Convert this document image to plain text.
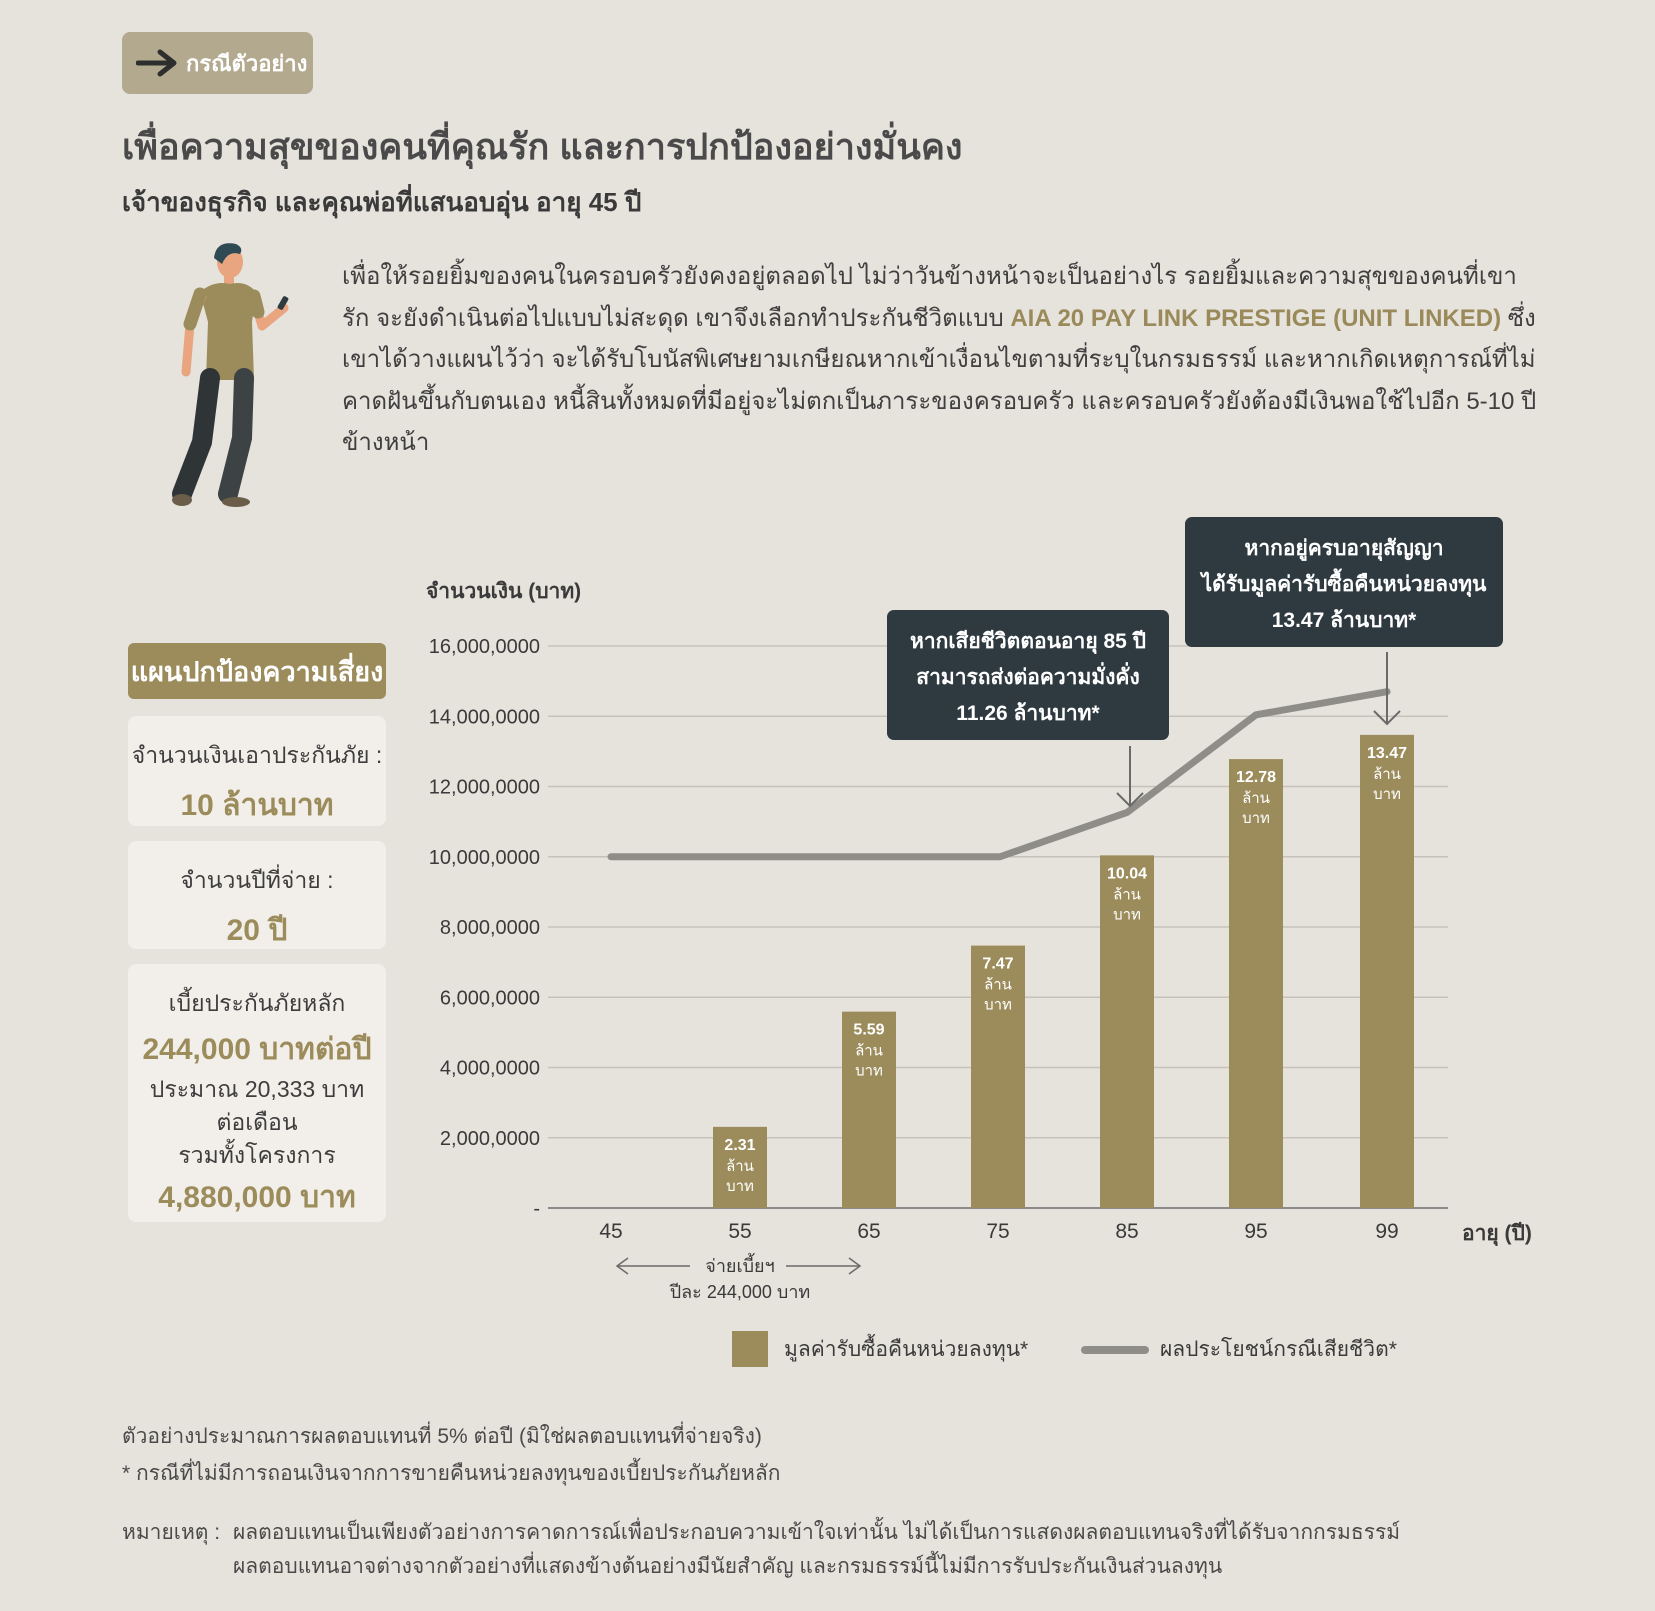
กรณีตัวอย่าง
เพื่อความสุขของคนที่คุณรัก และการปกป้องอย่างมั่นคง
เจ้าของธุรกิจ และคุณพ่อที่แสนอบอุ่น อายุ 45 ปี
เพื่อให้รอยยิ้มของคนในครอบครัวยังคงอยู่ตลอดไป ไม่ว่าวันข้างหน้าจะเป็นอย่างไร รอยยิ้มและความสุขของคนที่เขารัก จะยังดำเนินต่อไปแบบไม่สะดุด เขาจึงเลือกทำประกันชีวิตแบบ AIA 20 PAY LINK PRESTIGE (UNIT LINKED) ซึ่งเขาได้วางแผนไว้ว่า จะได้รับโบนัสพิเศษยามเกษียณหากเข้าเงื่อนไขตามที่ระบุในกรมธรรม์ และหากเกิดเหตุการณ์ที่ไม่คาดฝันขึ้นกับตนเอง หนี้สินทั้งหมดที่มีอยู่จะไม่ตกเป็นภาระของครอบครัว และครอบครัวยังต้องมีเงินพอใช้ไปอีก 5-10 ปีข้างหน้า
แผนปกป้องความเสี่ยง
จำนวนเงินเอาประกันภัย :
10 ล้านบาท
จำนวนปีที่จ่าย :
20 ปี
เบี้ยประกันภัยหลัก
244,000 บาทต่อปี
ประมาณ 20,333 บาท
ต่อเดือน
รวมทั้งโครงการ
4,880,000 บาท
จำนวนเงิน (บาท)
-
2,000,0000
4,000,0000
6,000,0000
8,000,0000
10,000,0000
12,000,0000
14,000,0000
16,000,0000
2.31
ล้าน
บาท
5.59
ล้าน
บาท
7.47
ล้าน
บาท
10.04
ล้าน
บาท
12.78
ล้าน
บาท
13.47
ล้าน
บาท
45	55	65	75	85	95	99	อายุ (ปี)
จ่ายเบี้ยฯ
ปีละ 244,000 บาท
หากเสียชีวิตตอนอายุ 85 ปี
สามารถส่งต่อความมั่งคั่ง
11.26 ล้านบาท*
หากอยู่ครบอายุสัญญา
ได้รับมูลค่ารับซื้อคืนหน่วยลงทุน
13.47 ล้านบาท*
มูลค่ารับซื้อคืนหน่วยลงทุน*	ผลประโยชน์กรณีเสียชีวิต*
ตัวอย่างประมาณการผลตอบแทนที่ 5% ต่อปี (มิใช่ผลตอบแทนที่จ่ายจริง)
* กรณีที่ไม่มีการถอนเงินจากการขายคืนหน่วยลงทุนของเบี้ยประกันภัยหลัก
หมายเหตุ : ผลตอบแทนเป็นเพียงตัวอย่างการคาดการณ์เพื่อประกอบความเข้าใจเท่านั้น ไม่ได้เป็นการแสดงผลตอบแทนจริงที่ได้รับจากกรมธรรม์
ผลตอบแทนอาจต่างจากตัวอย่างที่แสดงข้างต้นอย่างมีนัยสำคัญ และกรมธรรม์นี้ไม่มีการรับประกันเงินส่วนลงทุน
